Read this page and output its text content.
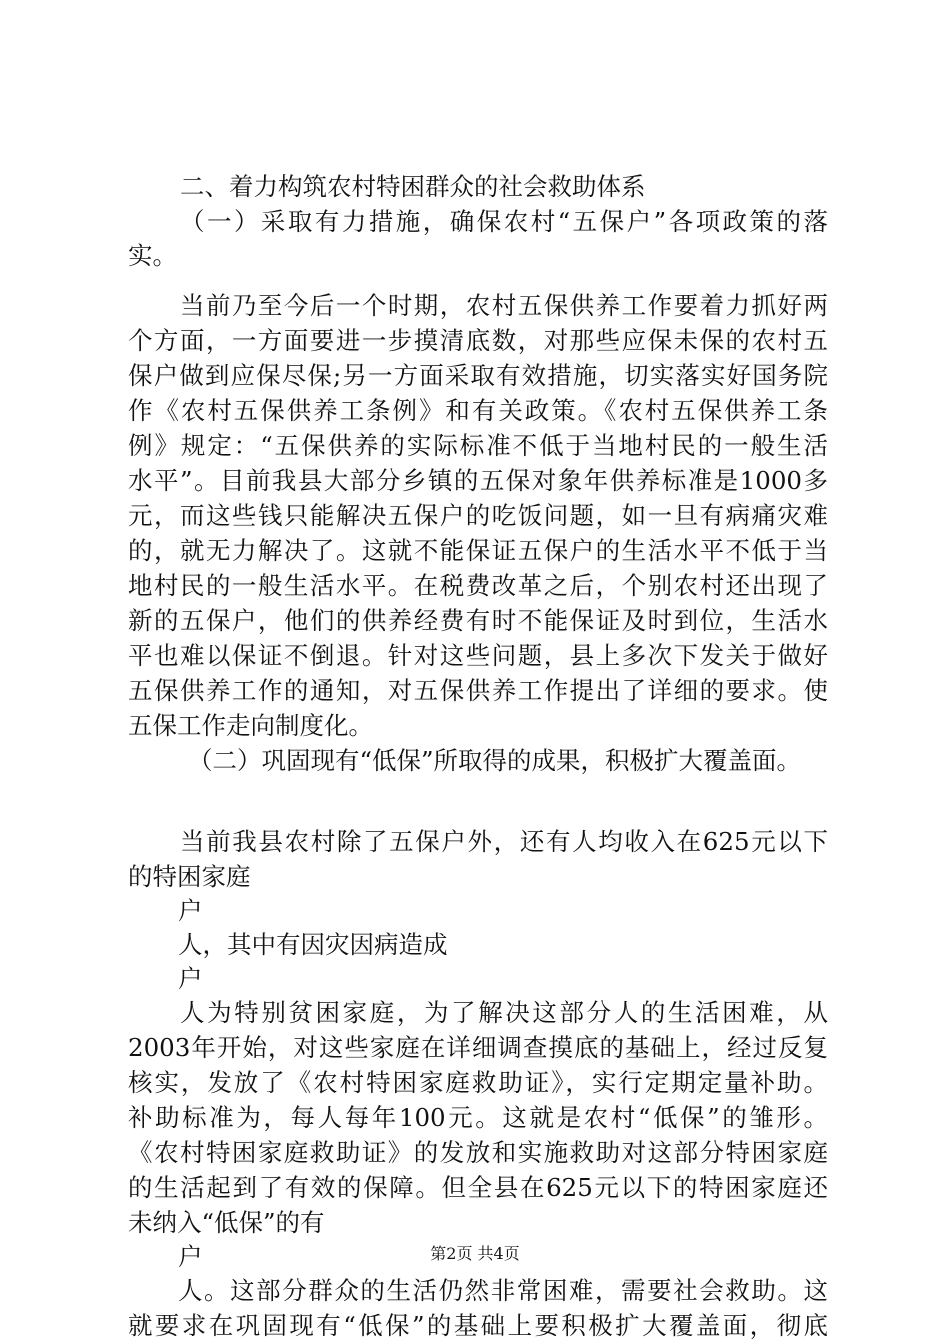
二、着力构筑农村特困群众的社会救助体系
（一）采取有力措施，确保农村“五保户”各项政策的落
实。
当前乃至今后一个时期，农村五保供养工作要着力抓好两
个方面，一方面要进一步摸清底数，对那些应保未保的农村五
保户做到应保尽保;另一方面采取有效措施，切实落实好国务院
作《农村五保供养工条例》和有关政策。《农村五保供养工条
例》规定：“五保供养的实际标准不低于当地村民的一般生活
水平”。目前我县大部分乡镇的五保对象年供养标准是1000多
元，而这些钱只能解决五保户的吃饭问题，如一旦有病痛灾难
的，就无力解决了。这就不能保证五保户的生活水平不低于当
地村民的一般生活水平。在税费改革之后，个别农村还出现了
新的五保户，他们的供养经费有时不能保证及时到位，生活水
平也难以保证不倒退。针对这些问题，县上多次下发关于做好
五保供养工作的通知，对五保供养工作提出了详细的要求。使
五保工作走向制度化。
（二）巩固现有“低保”所取得的成果，积极扩大覆盖面。
当前我县农村除了五保户外，还有人均收入在625元以下
的特困家庭
户
人，其中有因灾因病造成
户
人为特别贫困家庭，为了解决这部分人的生活困难，从
2003年开始，对这些家庭在详细调查摸底的基础上，经过反复
核实，发放了《农村特困家庭救助证》，实行定期定量补助。
补助标准为，每人每年100元。这就是农村“低保”的雏形。
《农村特困家庭救助证》的发放和实施救助对这部分特困家庭
的生活起到了有效的保障。但全县在625元以下的特困家庭还
未纳入“低保”的有
户
人。这部分群众的生活仍然非常困难，需要社会救助。这
就要求在巩固现有“低保”的基础上要积极扩大覆盖面，彻底
第2页 共4页
